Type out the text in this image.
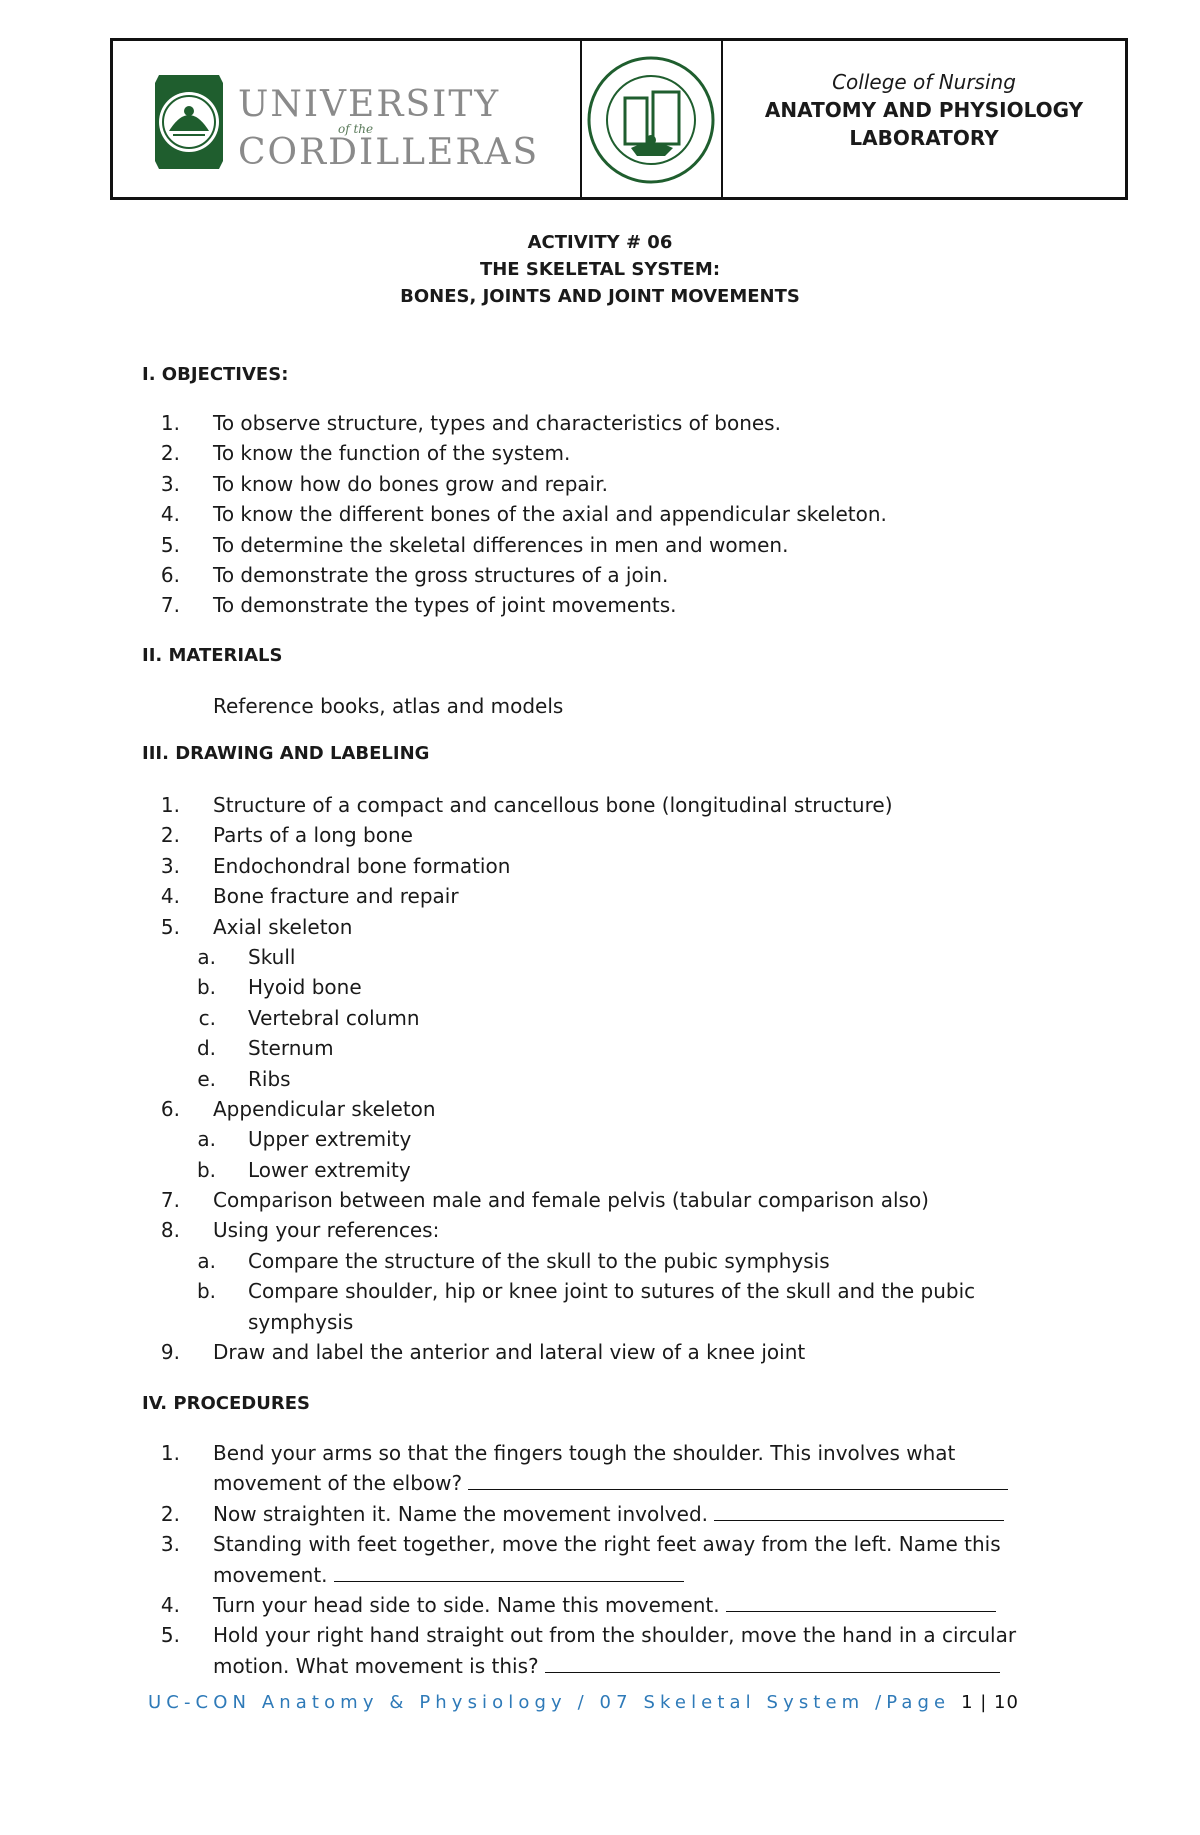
UNIVERSITY
of the
CORDILLERAS
College of Nursing
ANATOMY AND PHYSIOLOGY
LABORATORY
ACTIVITY # 06
THE SKELETAL SYSTEM:
BONES, JOINTS AND JOINT MOVEMENTS
I. OBJECTIVES:
1. To observe structure, types and characteristics of bones.
2. To know the function of the system.
3. To know how do bones grow and repair.
4. To know the different bones of the axial and appendicular skeleton.
5. To determine the skeletal differences in men and women.
6. To demonstrate the gross structures of a join.
7. To demonstrate the types of joint movements.
II. MATERIALS
Reference books, atlas and models
III. DRAWING AND LABELING
1. Structure of a compact and cancellous bone (longitudinal structure)
2. Parts of a long bone
3. Endochondral bone formation
4. Bone fracture and repair
5. Axial skeleton
a. Skull
b. Hyoid bone
c. Vertebral column
d. Sternum
e. Ribs
6. Appendicular skeleton
a. Upper extremity
b. Lower extremity
7. Comparison between male and female pelvis (tabular comparison also)
8. Using your references:
a. Compare the structure of the skull to the pubic symphysis
b. Compare shoulder, hip or knee joint to sutures of the skull and the pubic
symphysis
9. Draw and label the anterior and lateral view of a knee joint
IV. PROCEDURES
1. Bend your arms so that the fingers tough the shoulder. This involves what
movement of the elbow?
2. Now straighten it. Name the movement involved.
3. Standing with feet together, move the right feet away from the left. Name this
movement.
4. Turn your head side to side. Name this movement.
5. Hold your right hand straight out from the shoulder, move the hand in a circular
motion. What movement is this?
UC-CON Anatomy & Physiology / 07 Skeletal System /Page 1 | 10
